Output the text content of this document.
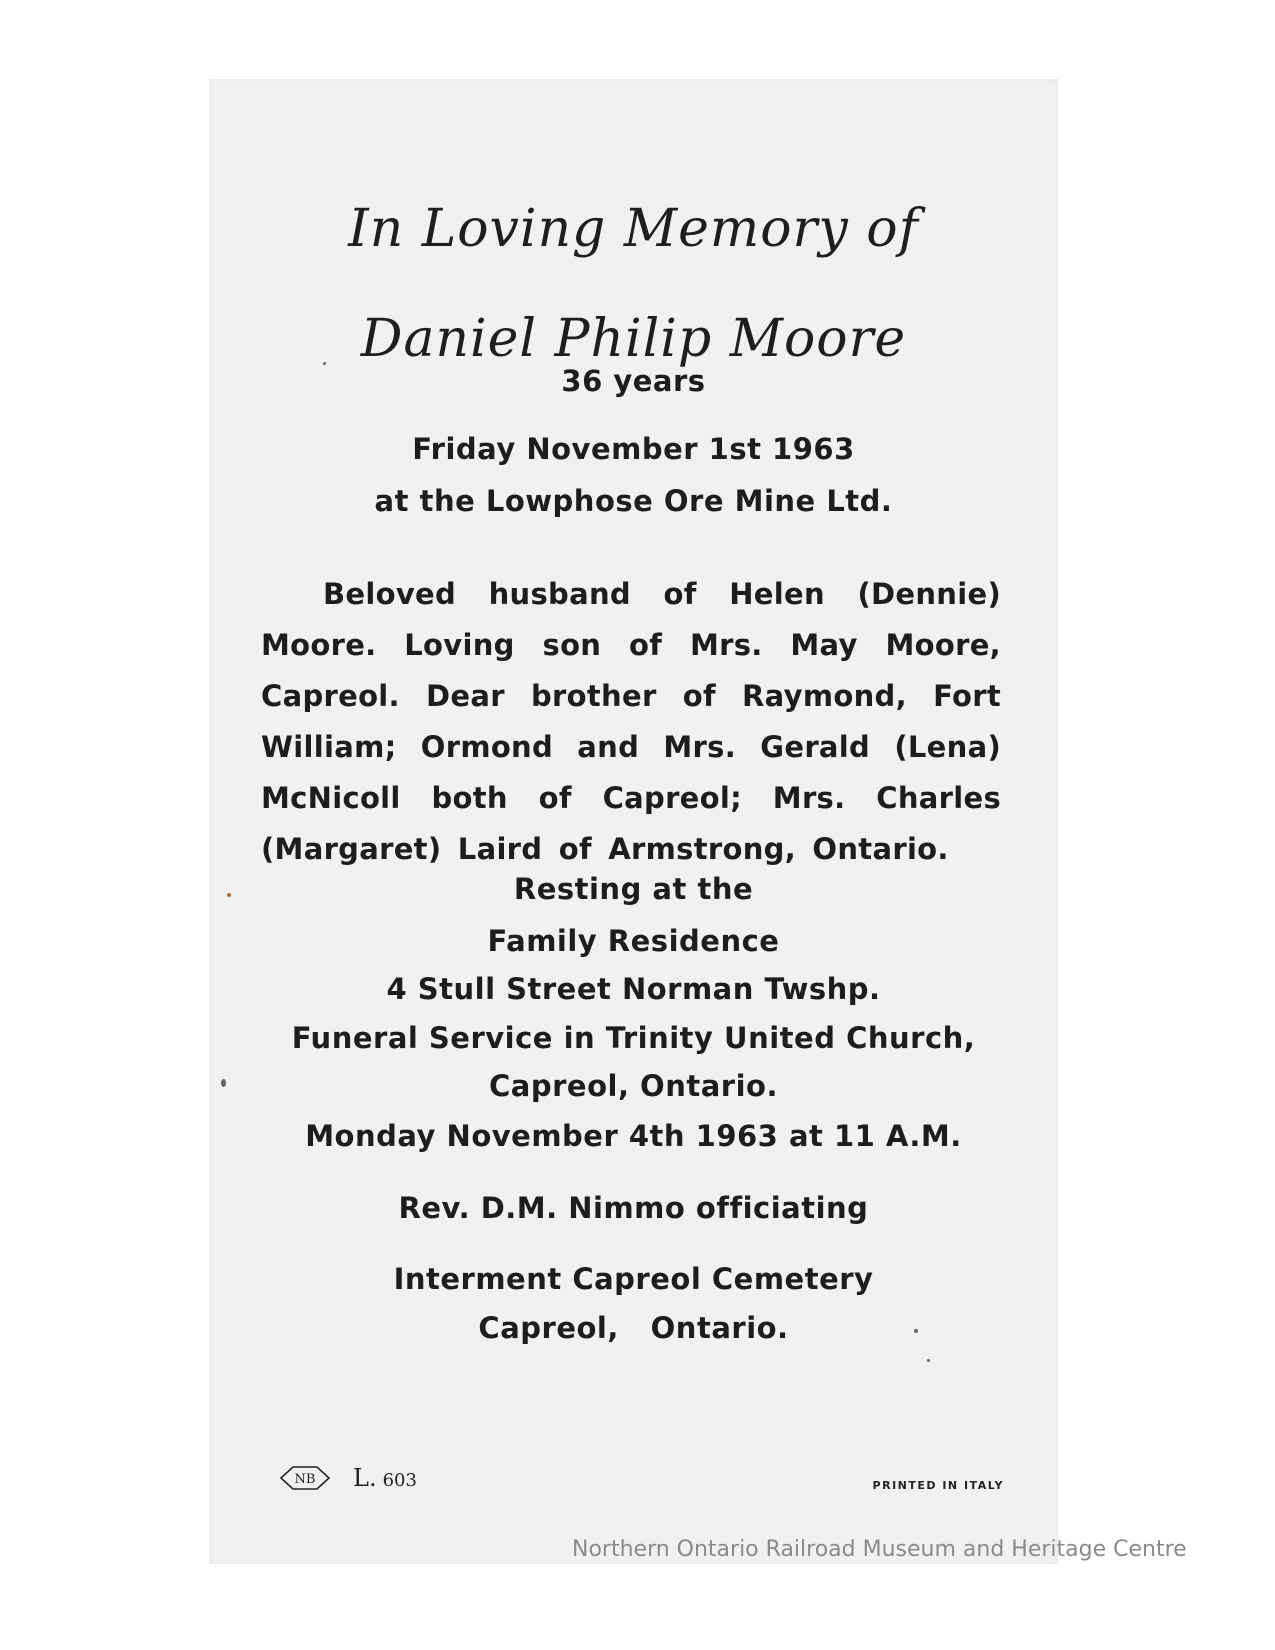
In Loving Memory of
Daniel Philip Moore
36 years
Friday November 1st 1963
at the Lowphose Ore Mine Ltd.
Beloved husband of Helen (Dennie) Moore. Loving son of Mrs. May Moore, Capreol. Dear brother of Raymond, Fort William; Ormond and Mrs. Gerald (Lena) McNicoll both of Capreol; Mrs. Charles (Margaret) Laird of Armstrong, Ontario.
Resting at the
Family Residence
4 Stull Street Norman Twshp.
Funeral Service in Trinity United Church,
Capreol, Ontario.
Monday November 4th 1963 at 11 A.M.
Rev. D.M. Nimmo officiating
Interment Capreol Cemetery
Capreol,   Ontario.
NB L. 603	PRINTED IN ITALY
Northern Ontario Railroad Museum and Heritage Centre
